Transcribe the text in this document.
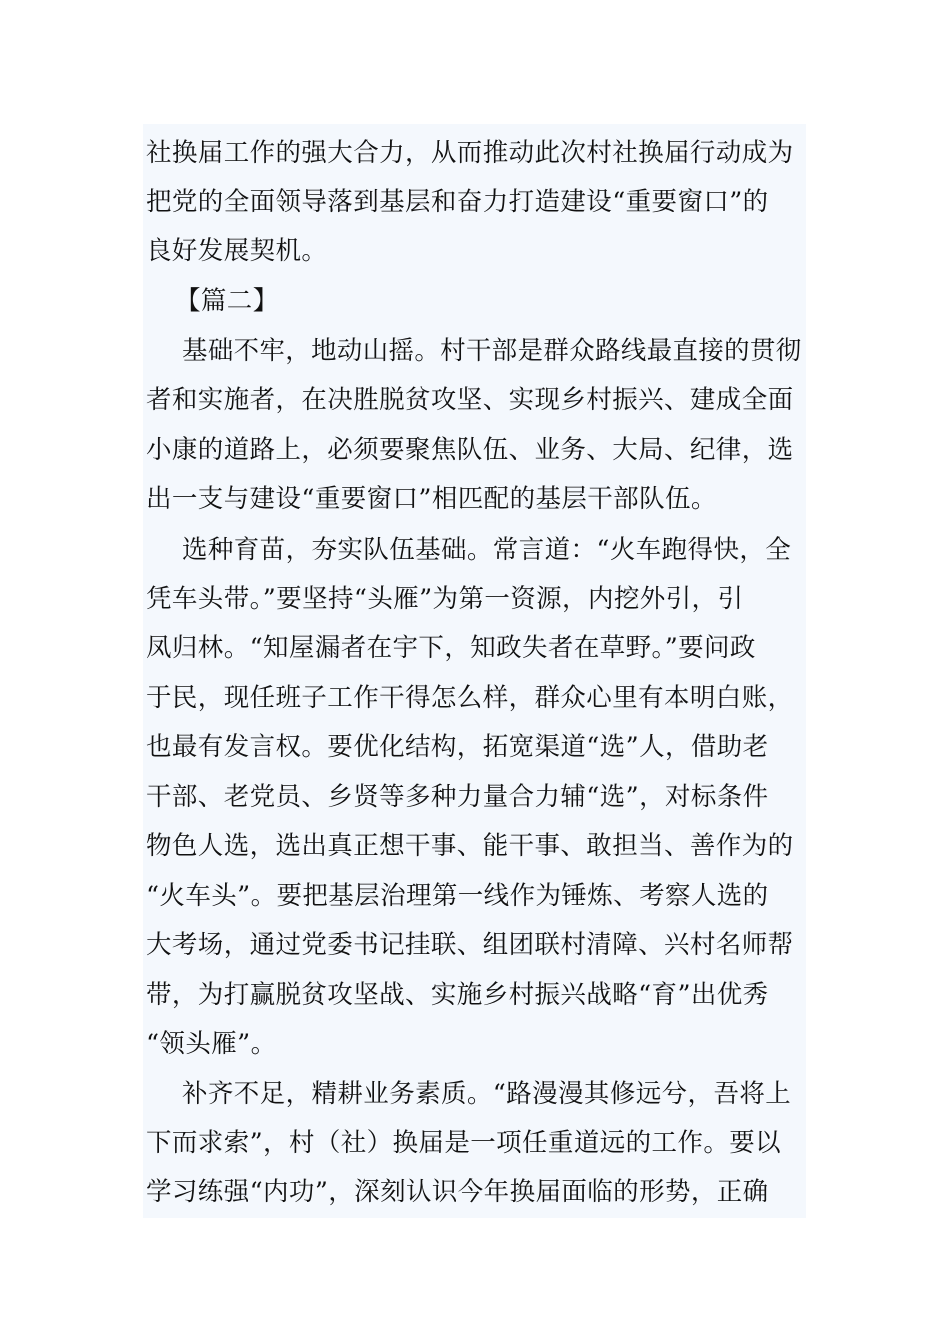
社换届工作的强大合力，从而推动此次村社换届行动成为
把党的全面领导落到基层和奋力打造建设“重要窗口”的
良好发展契机。
【篇二】
基础不牢，地动山摇。村干部是群众路线最直接的贯彻
者和实施者，在决胜脱贫攻坚、实现乡村振兴、建成全面
小康的道路上，必须要聚焦队伍、业务、大局、纪律，选
出一支与建设“重要窗口”相匹配的基层干部队伍。
选种育苗，夯实队伍基础。常言道：“火车跑得快，全
凭车头带。”要坚持“头雁”为第一资源，内挖外引，引
凤归林。“知屋漏者在宇下，知政失者在草野。”要问政
于民，现任班子工作干得怎么样，群众心里有本明白账，
也最有发言权。要优化结构，拓宽渠道“选”人，借助老
干部、老党员、乡贤等多种力量合力辅“选”，对标条件
物色人选，选出真正想干事、能干事、敢担当、善作为的
“火车头”。要把基层治理第一线作为锤炼、考察人选的
大考场，通过党委书记挂联、组团联村清障、兴村名师帮
带，为打赢脱贫攻坚战、实施乡村振兴战略“育”出优秀
“领头雁”。
补齐不足，精耕业务素质。“路漫漫其修远兮，吾将上
下而求索”，村（社）换届是一项任重道远的工作。要以
学习练强“内功”，深刻认识今年换届面临的形势，正确
